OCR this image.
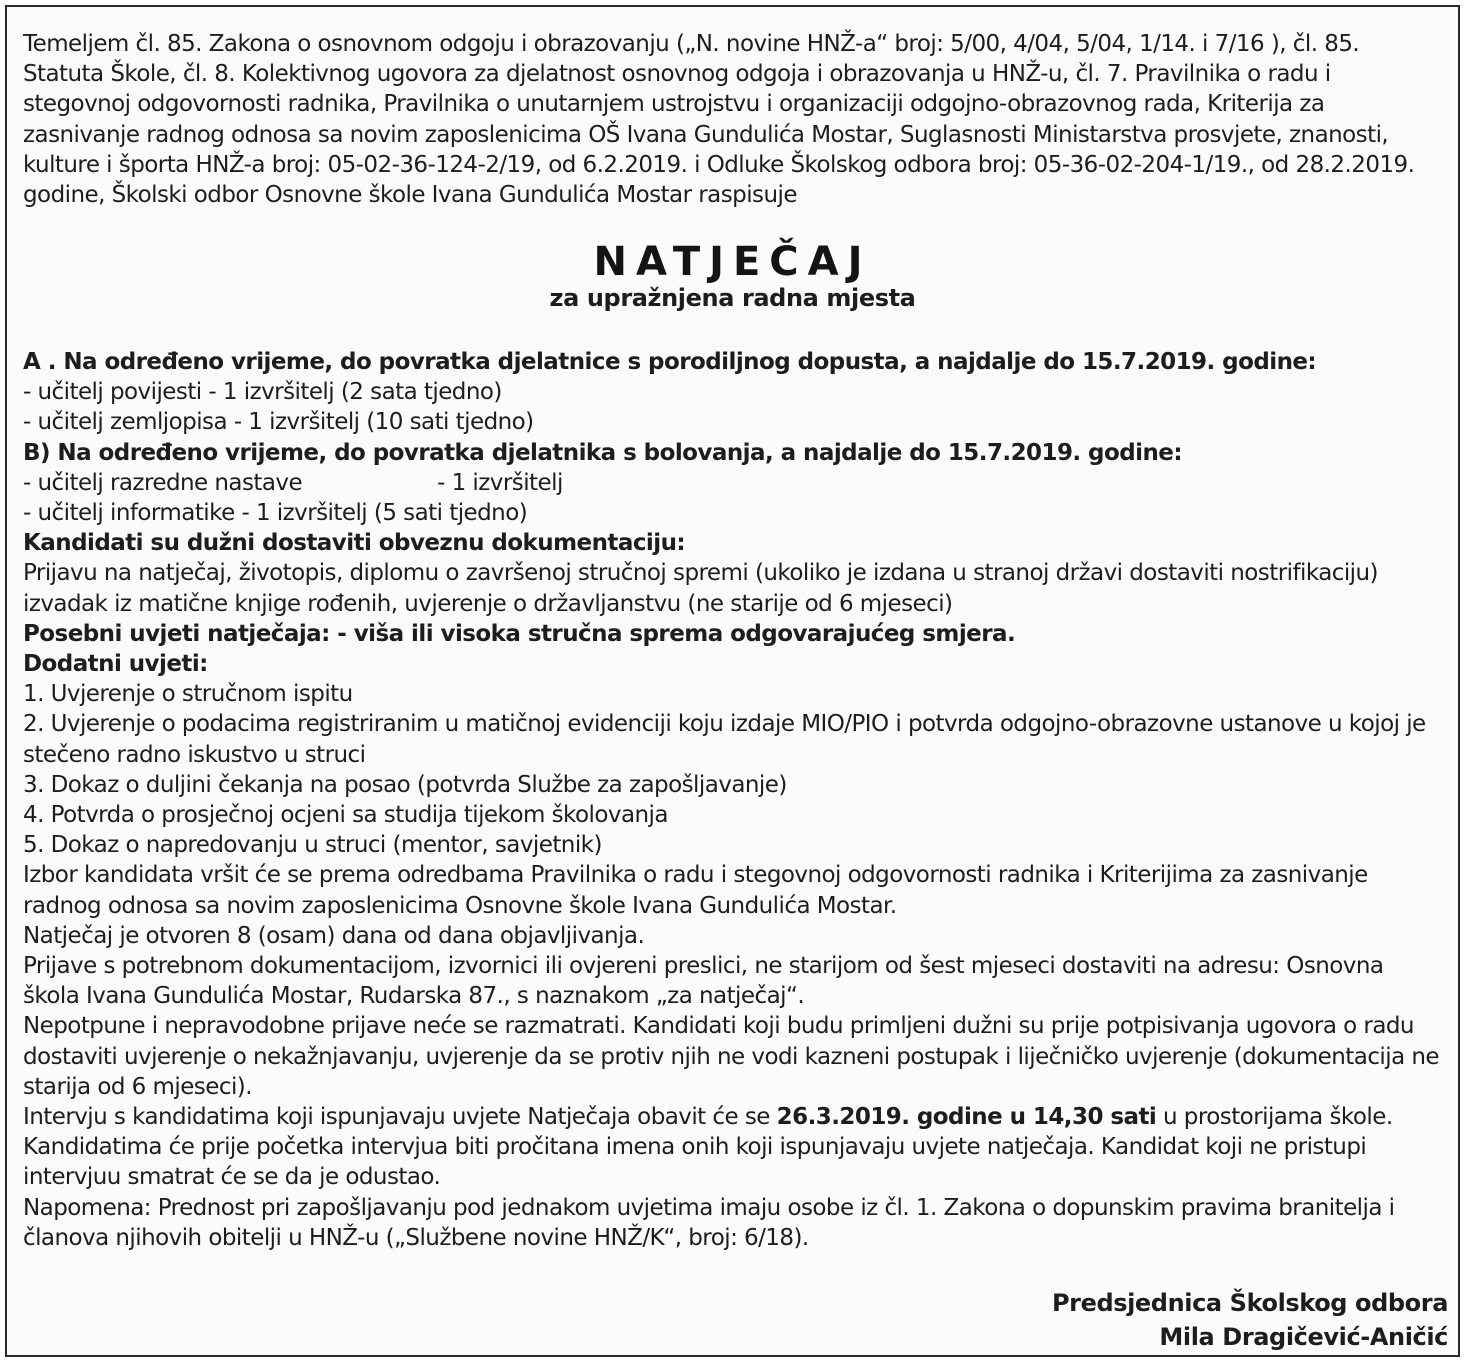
Temeljem čl. 85. Zakona o osnovnom odgoju i obrazovanju („N. novine HNŽ-a“ broj: 5/00, 4/04, 5/04, 1/14. i 7/16 ), čl. 85. Statuta Škole, čl. 8. Kolektivnog ugovora za djelatnost osnovnog odgoja i obrazovanja u HNŽ-u, čl. 7. Pravilnika o radu i stegovnoj odgovornosti radnika, Pravilnika o unutarnjem ustrojstvu i organizaciji odgojno-obrazovnog rada, Kriterija za zasnivanje radnog odnosa sa novim zaposlenicima OŠ Ivana Gundulića Mostar, Suglasnosti Ministarstva prosvjete, znanosti, kulture i športa HNŽ-a broj: 05-02-36-124-2/19, od 6.2.2019. i Odluke Školskog odbora broj: 05-36-02-204-1/19., od 28.2.2019. godine, Školski odbor Osnovne škole Ivana Gundulića Mostar raspisuje

NATJEČAJ
za upražnjena radna mjesta

A . Na određeno vrijeme, do povratka djelatnice s porodiljnog dopusta, a najdalje do 15.7.2019. godine:

- učitelj povijesti - 1 izvršitelj (2 sata tjedno)

- učitelj zemljopisa - 1 izvršitelj (10 sati tjedno)

B) Na određeno vrijeme, do povratka djelatnika s bolovanja, a najdalje do 15.7.2019. godine:

- učitelj razredne nastave	- 1 izvršitelj

- učitelj informatike - 1 izvršitelj (5 sati tjedno)

Kandidati su dužni dostaviti obveznu dokumentaciju:

Prijavu na natječaj, životopis, diplomu o završenoj stručnoj spremi (ukoliko je izdana u stranoj državi dostaviti nostrifikaciju) izvadak iz matične knjige rođenih, uvjerenje o državljanstvu (ne starije od 6 mjeseci)

Posebni uvjeti natječaja: - viša ili visoka stručna sprema odgovarajućeg smjera.

Dodatni uvjeti:

1. Uvjerenje o stručnom ispitu

2. Uvjerenje o podacima registriranim u matičnoj evidenciji koju izdaje MIO/PIO i potvrda odgojno-obrazovne ustanove u kojoj je stečeno radno iskustvo u struci

3. Dokaz o duljini čekanja na posao (potvrda Službe za zapošljavanje)

4. Potvrda o prosječnoj ocjeni sa studija tijekom školovanja

5. Dokaz o napredovanju u struci (mentor, savjetnik)

Izbor kandidata vršit će se prema odredbama Pravilnika o radu i stegovnoj odgovornosti radnika i Kriterijima za zasnivanje radnog odnosa sa novim zaposlenicima Osnovne škole Ivana Gundulića Mostar.

Natječaj je otvoren 8 (osam) dana od dana objavljivanja.

Prijave s potrebnom dokumentacijom, izvornici ili ovjereni preslici, ne starijom od šest mjeseci dostaviti na adresu: Osnovna škola Ivana Gundulića Mostar, Rudarska 87., s naznakom „za natječaj“.

Nepotpune i nepravodobne prijave neće se razmatrati. Kandidati koji budu primljeni dužni su prije potpisivanja ugovora o radu dostaviti uvjerenje o nekažnjavanju, uvjerenje da se protiv njih ne vodi kazneni postupak i liječničko uvjerenje (dokumentacija ne starija od 6 mjeseci).

Intervju s kandidatima koji ispunjavaju uvjete Natječaja obavit će se 26.3.2019. godine u 14,30 sati u prostorijama škole. Kandidatima će prije početka intervjua biti pročitana imena onih koji ispunjavaju uvjete natječaja. Kandidat koji ne pristupi intervjuu smatrat će se da je odustao.

Napomena: Prednost pri zapošljavanju pod jednakom uvjetima imaju osobe iz čl. 1. Zakona o dopunskim pravima branitelja i članova njihovih obitelji u HNŽ-u („Službene novine HNŽ/K“, broj: 6/18).

Predsjednica Školskog odbora
Mila Dragičević-Aničić
